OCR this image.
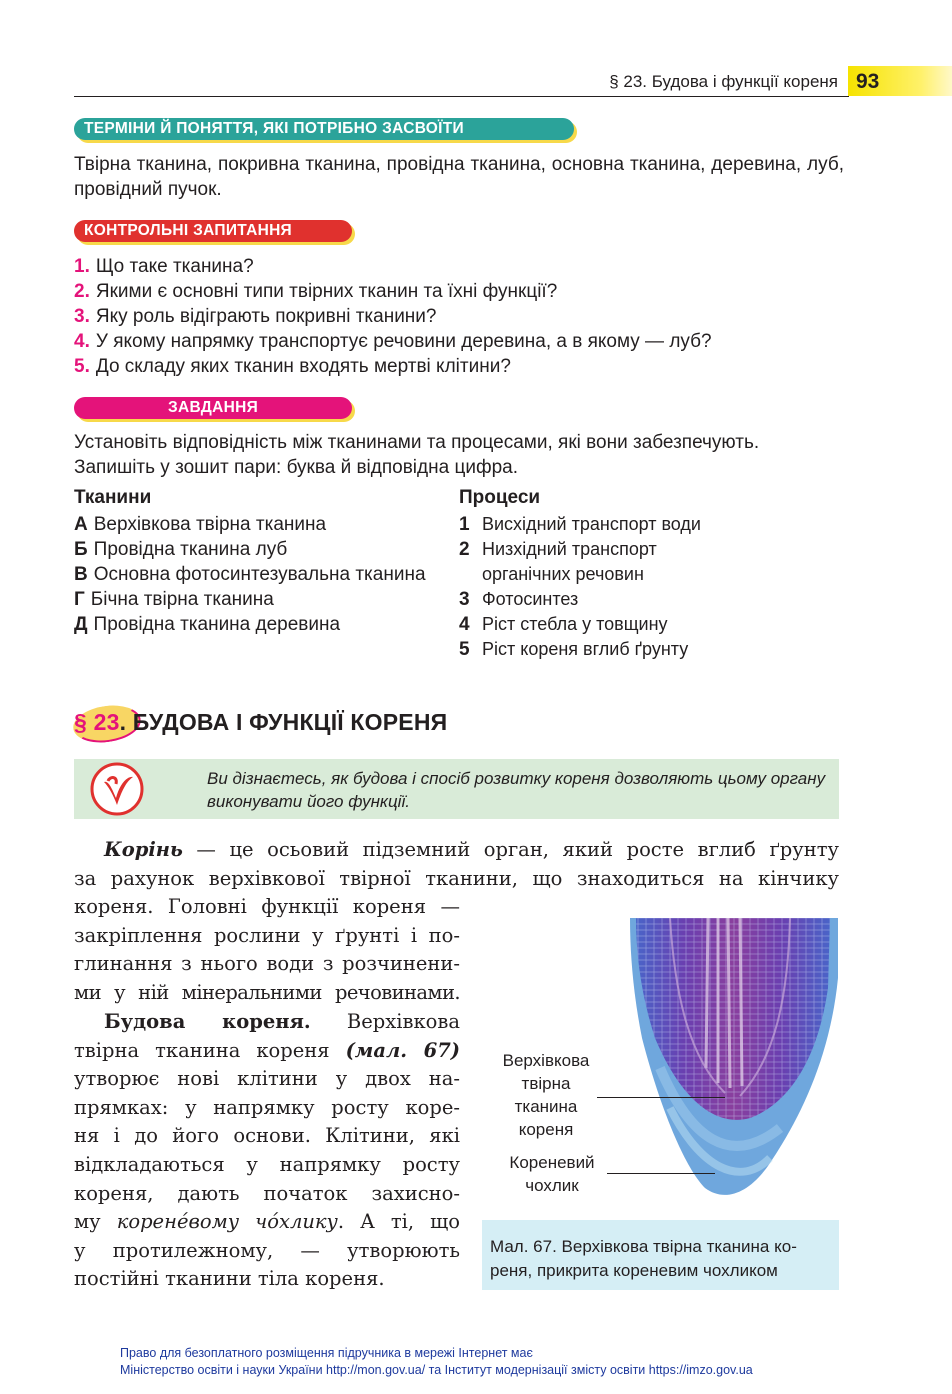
§ 23. Будова і функції кореня 93
ТЕРМІНИ Й ПОНЯТТЯ, ЯКІ ПОТРІБНО ЗАСВОЇТИ
Твірна тканина, покривна тканина, провідна тканина, основна тканина, деревина, луб, провідний пучок.
КОНТРОЛЬНІ ЗАПИТАННЯ
1. Що таке тканина?
2. Якими є основні типи твірних тканин та їхні функції?
3. Яку роль відіграють покривні тканини?
4. У якому напрямку транспортує речовини деревина, а в якому — луб?
5. До складу яких тканин входять мертві клітини?
ЗАВДАННЯ
Установіть відповідність між тканинами та процесами, які вони забезпечують.
Запишіть у зошит пари: буква й відповідна цифра.
Тканини	Процеси
А Верхівкова твірна тканина
Б Провідна тканина луб
В Основна фотосинтезувальна тканина
Г Бічна твірна тканина
Д Провідна тканина деревина
1 Висхідний транспорт води
2 Низхідний транспорт
органічних речовин
3 Фотосинтез
4 Ріст стебла у товщину
5 Ріст кореня вглиб ґрунту
§ 23. БУДОВА І ФУНКЦІЇ КОРЕНЯ
Ви дізнаєтесь, як будова і спосіб розвитку кореня дозволяють цьому органу виконувати його функції.
Корінь — це осьовий підземний орган, який росте вглиб ґрунту
за рахунок верхівкової твірної тканини, що знаходиться на кінчику
кореня. Головні функції кореня —
закріплення рослини у ґрунті і по-
глинання з нього води з розчинени-
ми у ній мінеральними речовинами.
Будова кореня. Верхівкова
твірна тканина кореня (мал. 67)
утворює нові клітини у двох на-
прямках: у напрямку росту коре-
ня і до його основи. Клітини, які
відкладаються у напрямку росту
кореня, дають початок захисно-
му коренéвому чóхлику. А ті, що
у протилежному, — утворюють
постійні тканини тіла кореня.
Верхівкова
твірна
тканина
кореня
Кореневий
чохлик
Мал. 67. Верхівкова твірна тканина ко-
реня, прикрита кореневим чохликом
Право для безоплатного розміщення підручника в мережі Інтернет має
Міністерство освіти і науки України http://mon.gov.ua/ та Інститут модернізації змісту освіти https://imzo.gov.ua
